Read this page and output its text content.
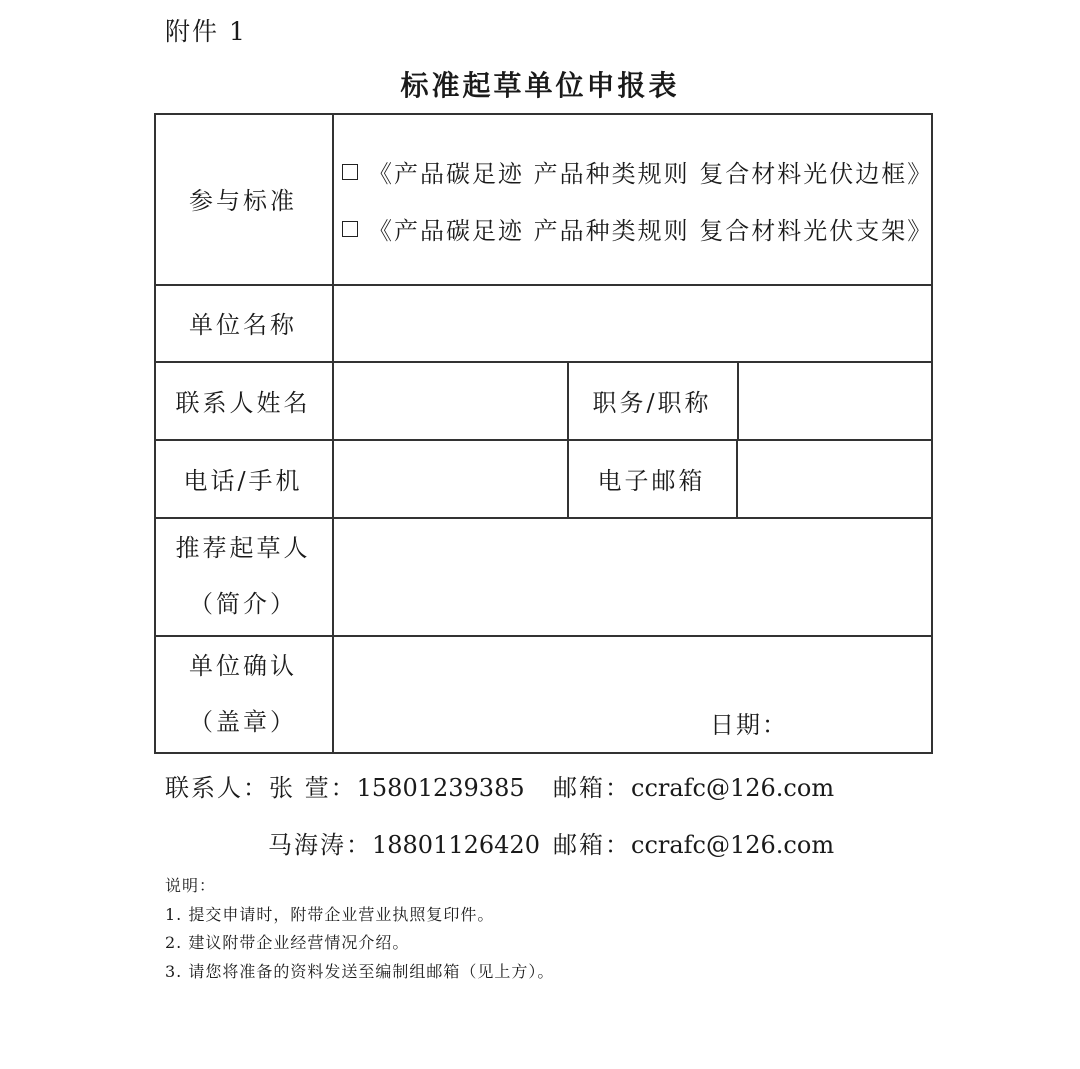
附件 1
标准起草单位申报表
参与标准
《产品碳足迹 产品种类规则 复合材料光伏边框》
《产品碳足迹 产品种类规则 复合材料光伏支架》
单位名称
联系人姓名	职务/职称
电话/手机	电子邮箱
推荐起草人
（简介）
单位确认
（盖章）	日期：
联系人：张 萱：15801239385 邮箱：ccrafc@126.com
马海涛：18801126420 邮箱：ccrafc@126.com
说明：
1. 提交申请时，附带企业营业执照复印件。
2. 建议附带企业经营情况介绍。
3. 请您将准备的资料发送至编制组邮箱（见上方）。
